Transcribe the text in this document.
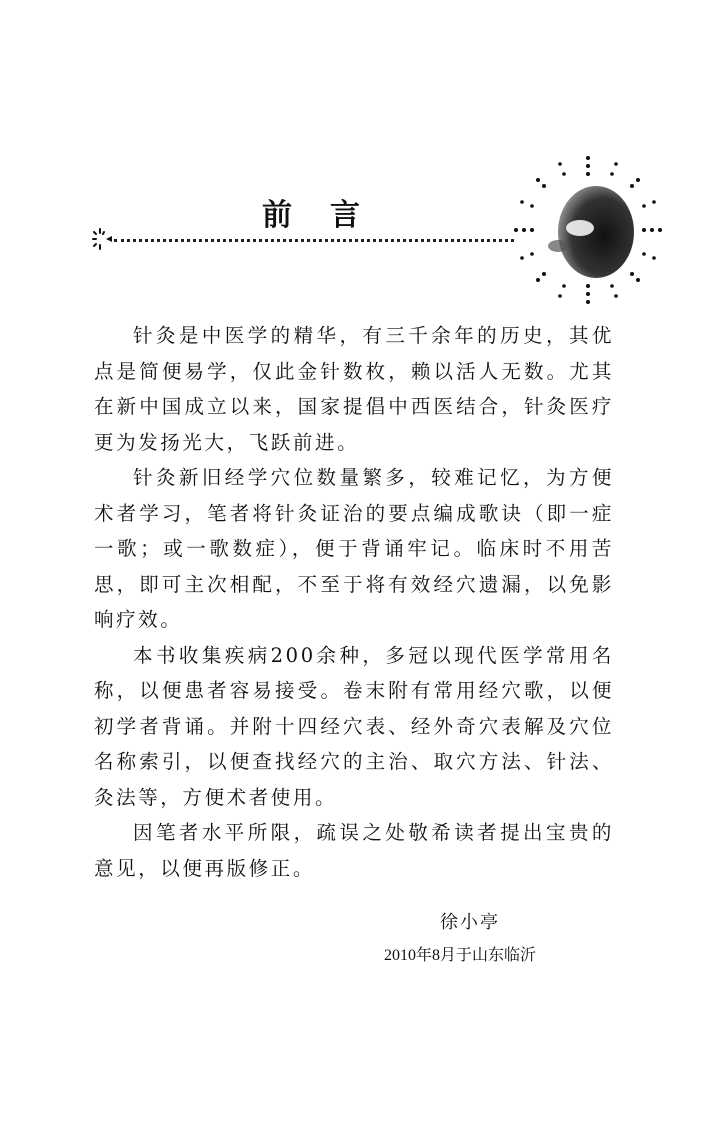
前言

针灸是中医学的精华，有三千余年的历史，其优点是简便易学，仅此金针数枚，赖以活人无数。尤其在新中国成立以来，国家提倡中西医结合，针灸医疗更为发扬光大，飞跃前进。

针灸新旧经学穴位数量繁多，较难记忆，为方便术者学习，笔者将针灸证治的要点编成歌诀（即一症一歌；或一歌数症），便于背诵牢记。临床时不用苦思，即可主次相配，不至于将有效经穴遗漏，以免影响疗效。

本书收集疾病200余种，多冠以现代医学常用名称，以便患者容易接受。卷末附有常用经穴歌，以便初学者背诵。并附十四经穴表、经外奇穴表解及穴位名称索引，以便查找经穴的主治、取穴方法、针法、灸法等，方便术者使用。

因笔者水平所限，疏误之处敬希读者提出宝贵的意见，以便再版修正。

徐小亭
2010年8月于山东临沂
